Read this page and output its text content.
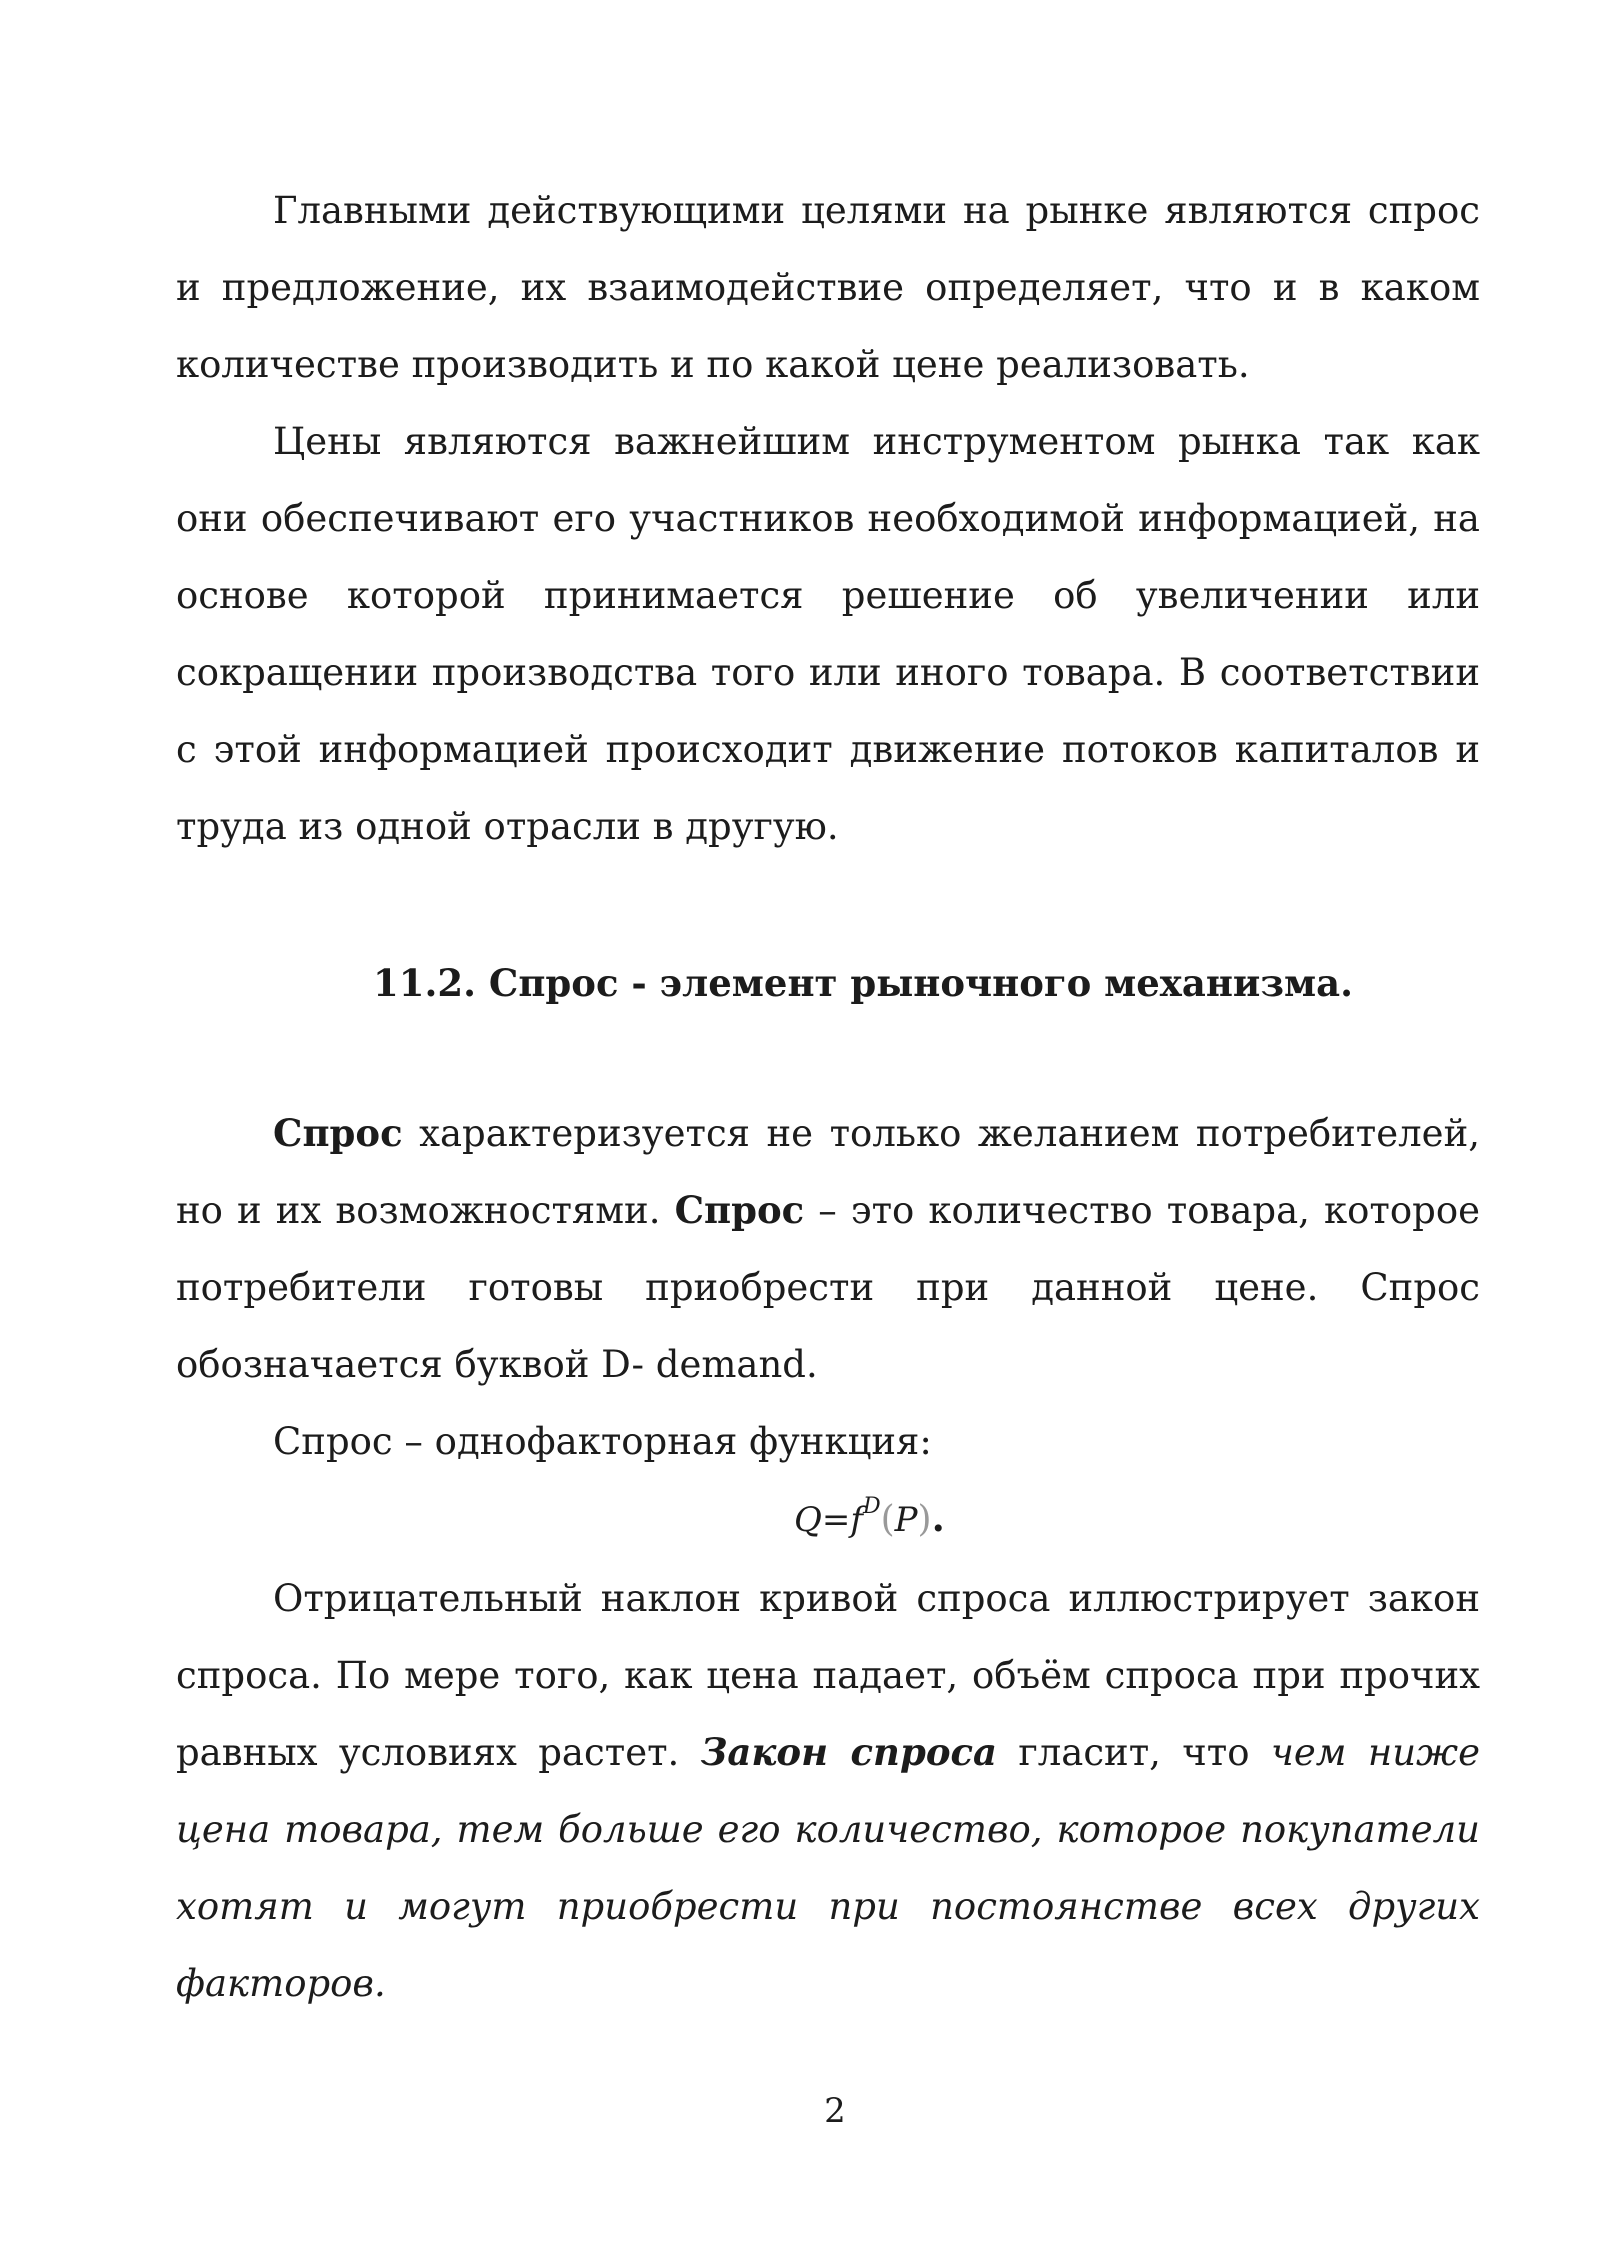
Главными действующими целями на рынке являются спрос и предложение, их взаимодействие определяет, что и в каком количестве производить и по какой цене реализовать.

Цены являются важнейшим инструментом рынка так как они обеспечивают его участников необходимой информацией, на основе которой принимается решение об увеличении или сокращении производства того или иного товара. В соответствии с этой информацией происходит движение потоков капиталов и труда из одной отрасли в другую.

11.2. Спрос - элемент рыночного механизма.

Спрос характеризуется не только желанием потребителей, но и их возможностями. Спрос – это количество товара, которое потребители готовы приобрести при данной цене. Спрос обозначается буквой D- demand.

Спрос – однофакторная функция:

$Q=f^D(P)$.

Отрицательный наклон кривой спроса иллюстрирует закон спроса. По мере того, как цена падает, объём спроса при прочих равных условиях растет. Закон спроса гласит, что чем ниже цена товара, тем больше его количество, которое покупатели хотят и могут приобрести при постоянстве всех других факторов.

2
